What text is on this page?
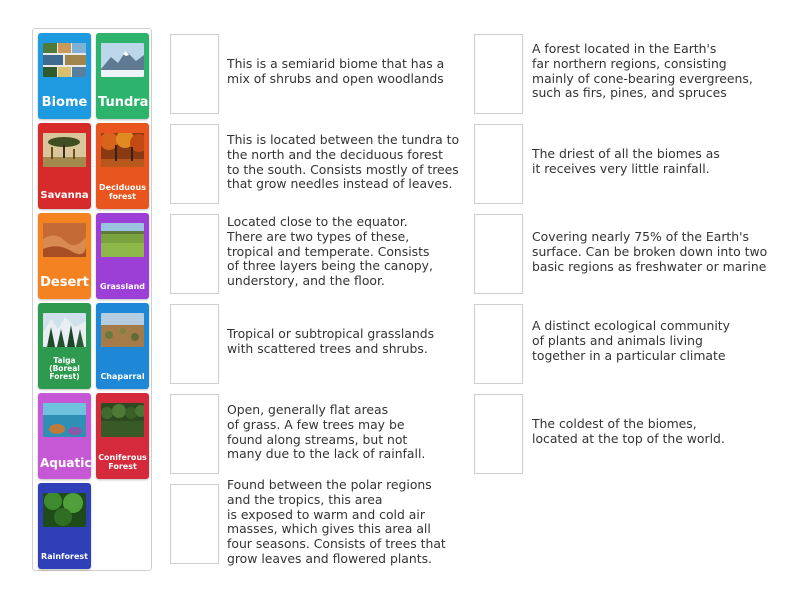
Biome Tundra
Savanna
Deciduous forest
Desert Grassland
Taiga (Boreal Forest)	Chaparral
Aquatic Coniferous Forest
Rainforest
This is a semiarid biome that has a
mix of shrubs and open woodlands
This is located between the tundra to
the north and the deciduous forest
to the south. Consists mostly of trees
that grow needles instead of leaves.
Located close to the equator.
There are two types of these,
tropical and temperate. Consists
of three layers being the canopy,
understory, and the floor.
Tropical or subtropical grasslands
with scattered trees and shrubs.
Open, generally flat areas
of grass. A few trees may be
found along streams, but not
many due to the lack of rainfall.
Found between the polar regions
and the tropics, this area
is exposed to warm and cold air
masses, which gives this area all
four seasons. Consists of trees that
grow leaves and flowered plants.
A forest located in the Earth's
far northern regions, consisting
mainly of cone-bearing evergreens,
such as firs, pines, and spruces
The driest of all the biomes as
it receives very little rainfall.
Covering nearly 75% of the Earth's
surface. Can be broken down into two
basic regions as freshwater or marine
A distinct ecological community
of plants and animals living
together in a particular climate
The coldest of the biomes,
located at the top of the world.
